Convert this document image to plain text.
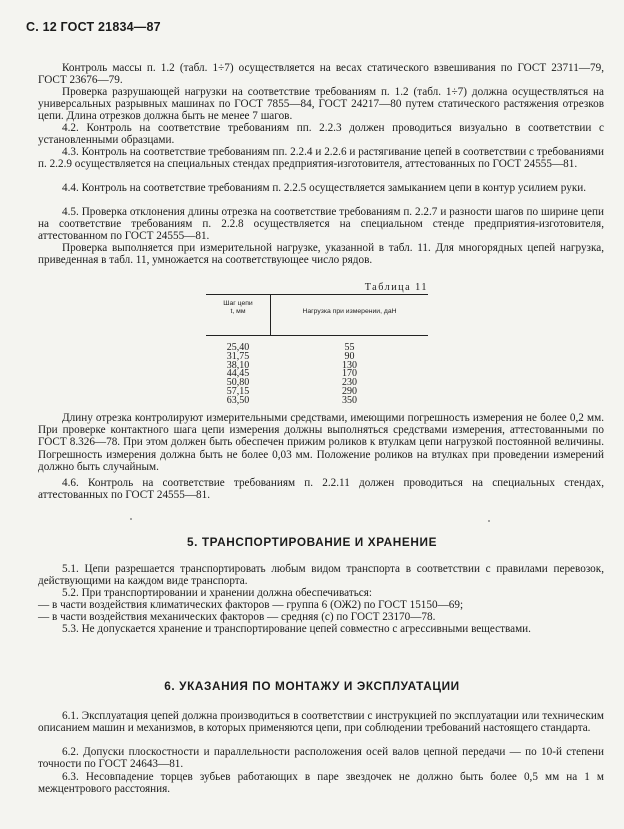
С. 12 ГОСТ 21834—87

Контроль массы п. 1.2 (табл. 1÷7) осуществляется на весах статического взвешивания по ГОСТ 23711—79, ГОСТ 23676—79.

Проверка разрушающей нагрузки на соответствие требованиям п. 1.2 (табл. 1÷7) должна осуществляться на универсальных разрывных машинах по ГОСТ 7855—84, ГОСТ 24217—80 путем статического растяжения отрезков цепи. Длина отрезков должна быть не менее 7 шагов.

4.2. Контроль на соответствие требованиям пп. 2.2.3 должен проводиться визуально в соответствии с установленными образцами.

4.3. Контроль на соответствие требованиям пп. 2.2.4 и 2.2.6 и растягивание цепей в соответствии с требованиями п. 2.2.9 осуществляется на специальных стендах предприятия-изготовителя, аттестованных по ГОСТ 24555—81.

4.4. Контроль на соответствие требованиям п. 2.2.5 осуществляется замыканием цепи в контур усилием руки.

4.5. Проверка отклонения длины отрезка на соответствие требованиям п. 2.2.7 и разности шагов по ширине цепи на соответствие требованиям п. 2.2.8 осуществляется на специальном стенде предприятия-изготовителя, аттестованном по ГОСТ 24555—81.

Проверка выполняется при измерительной нагрузке, указанной в табл. 11. Для многорядных цепей нагрузка, приведенная в табл. 11, умножается на соответствующее число рядов.

Таблица 11
Шаг цепи
t, мм	Нагрузка при измерении, даН
25,40
31,75
38,10
44,45
50,80
57,15
63,50
55
90
130
170
230
290
350

Длину отрезка контролируют измерительными средствами, имеющими погрешность измерения не более 0,2 мм. При проверке контактного шага цепи измерения должны выполняться средствами измерения, аттестованными по ГОСТ 8.326—78. При этом должен быть обеспечен прижим роликов к втулкам цепи нагрузкой постоянной величины. Погрешность измерения должна быть не более 0,03 мм. Положение роликов на втулках при проведении измерений должно быть случайным.

4.6. Контроль на соответствие требованиям п. 2.2.11 должен проводиться на специальных стендах, аттестованных по ГОСТ 24555—81.

5. ТРАНСПОРТИРОВАНИЕ И ХРАНЕНИЕ

5.1. Цепи разрешается транспортировать любым видом транспорта в соответствии с правилами перевозок, действующими на каждом виде транспорта.

5.2. При транспортировании и хранении должна обеспечиваться:

— в части воздействия климатических факторов — группа 6 (ОЖ2) по ГОСТ 15150—69;

— в части воздействия механических факторов — средняя (с) по ГОСТ 23170—78.

5.3. Не допускается хранение и транспортирование цепей совместно с агрессивными веществами.

6. УКАЗАНИЯ ПО МОНТАЖУ И ЭКСПЛУАТАЦИИ

6.1. Эксплуатация цепей должна производиться в соответствии с инструкцией по эксплуатации или техническим описанием машин и механизмов, в которых применяются цепи, при соблюдении требований настоящего стандарта.

6.2. Допуски плоскостности и параллельности расположения осей валов цепной передачи — по 10-й степени точности по ГОСТ 24643—81.

6.3. Несовпадение торцев зубьев работающих в паре звездочек не должно быть более 0,5 мм на 1 м межцентрового расстояния.
